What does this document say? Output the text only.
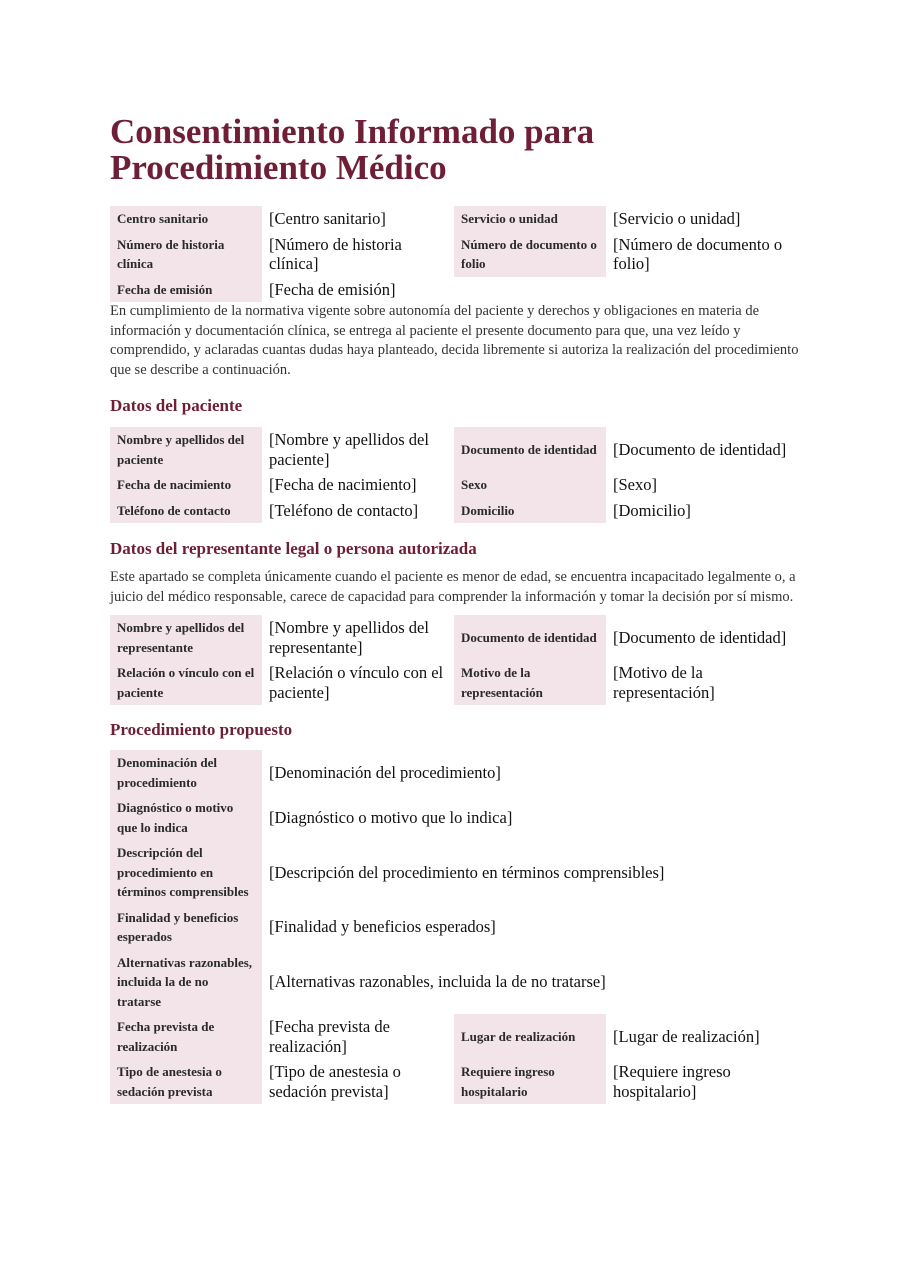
Consentimiento Informado para Procedimiento Médico
Centro sanitario	[Centro sanitario]	Servicio o unidad	[Servicio o unidad]
Número de historia clínica	[Número de historia clínica]	Número de documento o folio	[Número de documento o folio]
Fecha de emisión	[Fecha de emisión]		

En cumplimiento de la normativa vigente sobre autonomía del paciente y derechos y obligaciones en materia de información y documentación clínica, se entrega al paciente el presente documento para que, una vez leído y comprendido, y aclaradas cuantas dudas haya planteado, decida libremente si autoriza la realización del procedimiento que se describe a continuación.

Datos del paciente
Nombre y apellidos del paciente	[Nombre y apellidos del paciente]	Documento de identidad	[Documento de identidad]
Fecha de nacimiento	[Fecha de nacimiento]	Sexo	[Sexo]
Teléfono de contacto	[Teléfono de contacto]	Domicilio	[Domicilio]
Datos del representante legal o persona autorizada

Este apartado se completa únicamente cuando el paciente es menor de edad, se encuentra incapacitado legalmente o, a juicio del médico responsable, carece de capacidad para comprender la información y tomar la decisión por sí mismo.

Nombre y apellidos del representante	[Nombre y apellidos del representante]	Documento de identidad	[Documento de identidad]
Relación o vínculo con el paciente	[Relación o vínculo con el paciente]	Motivo de la representación	[Motivo de la representación]
Procedimiento propuesto
Denominación del procedimiento	[Denominación del procedimiento]		
Diagnóstico o motivo que lo indica	[Diagnóstico o motivo que lo indica]		
Descripción del procedimiento en términos comprensibles	[Descripción del procedimiento en términos comprensibles]		
Finalidad y beneficios esperados	[Finalidad y beneficios esperados]		
Alternativas razonables, incluida la de no tratarse	[Alternativas razonables, incluida la de no tratarse]		
Fecha prevista de realización	[Fecha prevista de realización]	Lugar de realización	[Lugar de realización]
Tipo de anestesia o sedación prevista	[Tipo de anestesia o sedación prevista]	Requiere ingreso hospitalario	[Requiere ingreso hospitalario]
